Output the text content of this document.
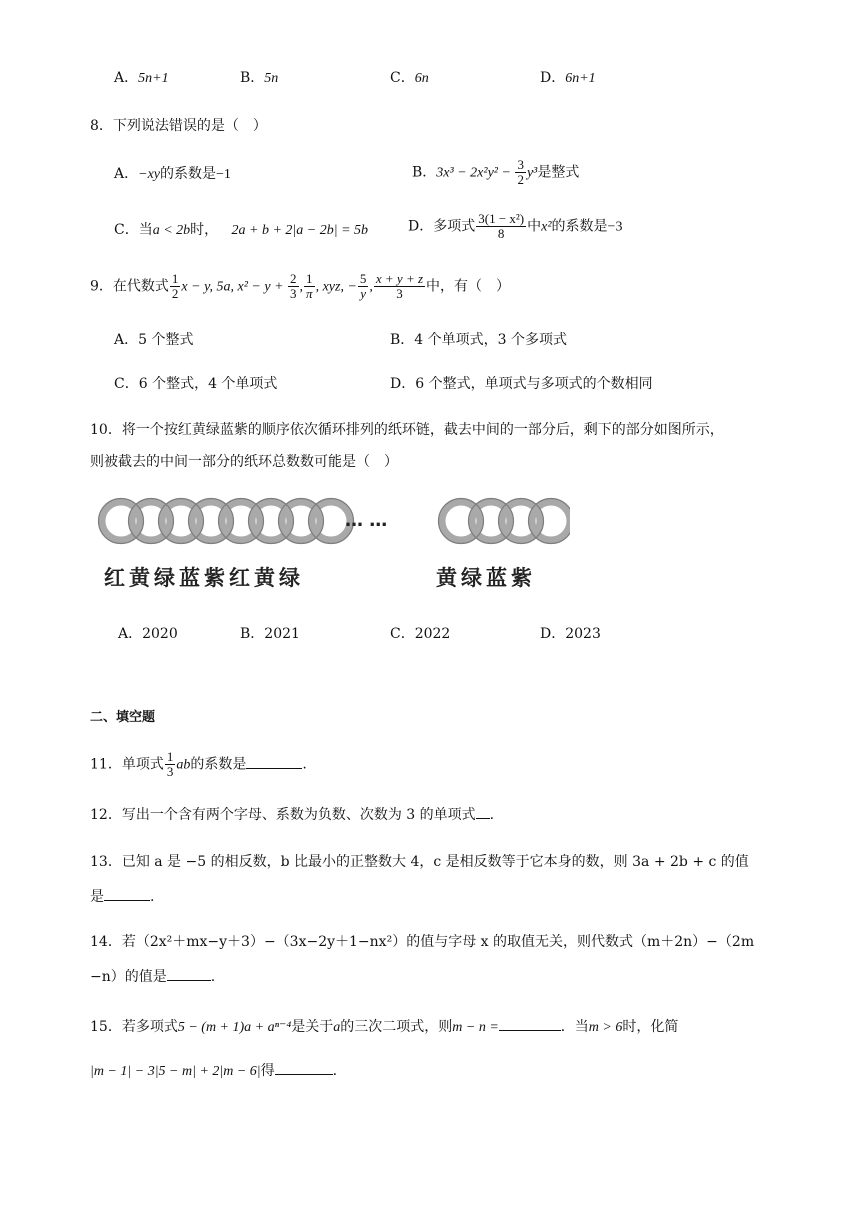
A．5n+1	B．5n	C．6n	D．6n+1
8．下列说法错误的是（　）
A．−xy的系数是−1	B．$3x^3 - 2x^2y^2 - \frac{3}{2} y^3$是整式
C．当a < 2b时， 2a + b + 2|a − 2b| = 5b	D．多项式 $\frac{\text{3(1 − x²)}}{8}$ 中x²的系数是−3
9．在代数式 $\frac{1}{2}$ x − y, 5a, $x^2 - y + \frac{2}{3}$ , $\frac{1}{\pi}$ , xyz, − $\frac{5}{y}$ , $\frac{x + y + z}{3}$ 中，有（　）
A．5 个整式	B．4 个单项式，3 个多项式
C．6 个整式，4 个单项式	D．6 个整式，单项式与多项式的个数相同
10．将一个按红黄绿蓝紫的顺序依次循环排列的纸环链，截去中间的一部分后，剩下的部分如图所示，
则被截去的中间一部分的纸环总数数可能是（　）
… …
红黄绿蓝紫红黄绿	黄绿蓝紫
A．2020	B．2021	C．2022	D．2023
二、填空题
11．单项式 $\frac{1}{3}$ ab的系数是	.
12．写出一个含有两个字母、系数为负数、次数为 3 的单项式 .
13．已知 a 是 −5 的相反数，b 比最小的正整数大 4，c 是相反数等于它本身的数，则 3a + 2b + c 的值
是	.
14．若（2x²＋mx−y＋3）−（3x−2y＋1−nx²）的值与字母 x 的取值无关，则代数式（m＋2n）−（2m
−n）的值是	.
15．若多项式5 − (m + 1)a + aⁿ⁻⁴是关于a的三次二项式，则m − n =	．当m > 6时，化简
|m − 1| − 3|5 − m| + 2|m − 6|得	.
